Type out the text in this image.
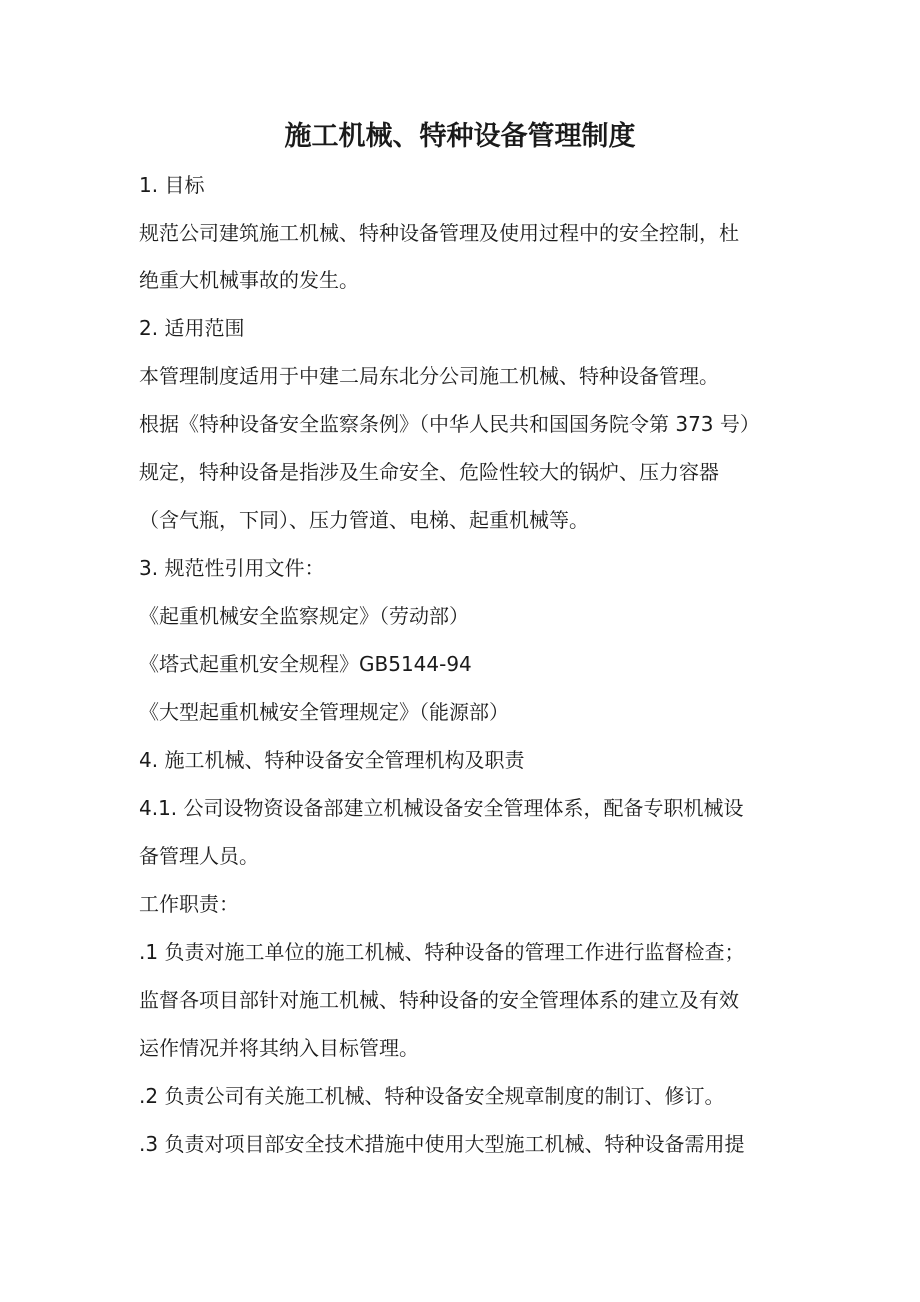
施工机械、特种设备管理制度
1. 目标
规范公司建筑施工机械、特种设备管理及使用过程中的安全控制，杜
绝重大机械事故的发生。
2. 适用范围
本管理制度适用于中建二局东北分公司施工机械、特种设备管理。
根据《特种设备安全监察条例》（中华人民共和国国务院令第 373 号）
规定，特种设备是指涉及生命安全、危险性较大的锅炉、压力容器
（含气瓶，下同）、压力管道、电梯、起重机械等。
3. 规范性引用文件：
《起重机械安全监察规定》（劳动部）
《塔式起重机安全规程》GB5144-94
《大型起重机械安全管理规定》（能源部）
4. 施工机械、特种设备安全管理机构及职责
4.1. 公司设物资设备部建立机械设备安全管理体系，配备专职机械设
备管理人员。
工作职责：
.1 负责对施工单位的施工机械、特种设备的管理工作进行监督检查；
监督各项目部针对施工机械、特种设备的安全管理体系的建立及有效
运作情况并将其纳入目标管理。
.2 负责公司有关施工机械、特种设备安全规章制度的制订、修订。
.3 负责对项目部安全技术措施中使用大型施工机械、特种设备需用提
